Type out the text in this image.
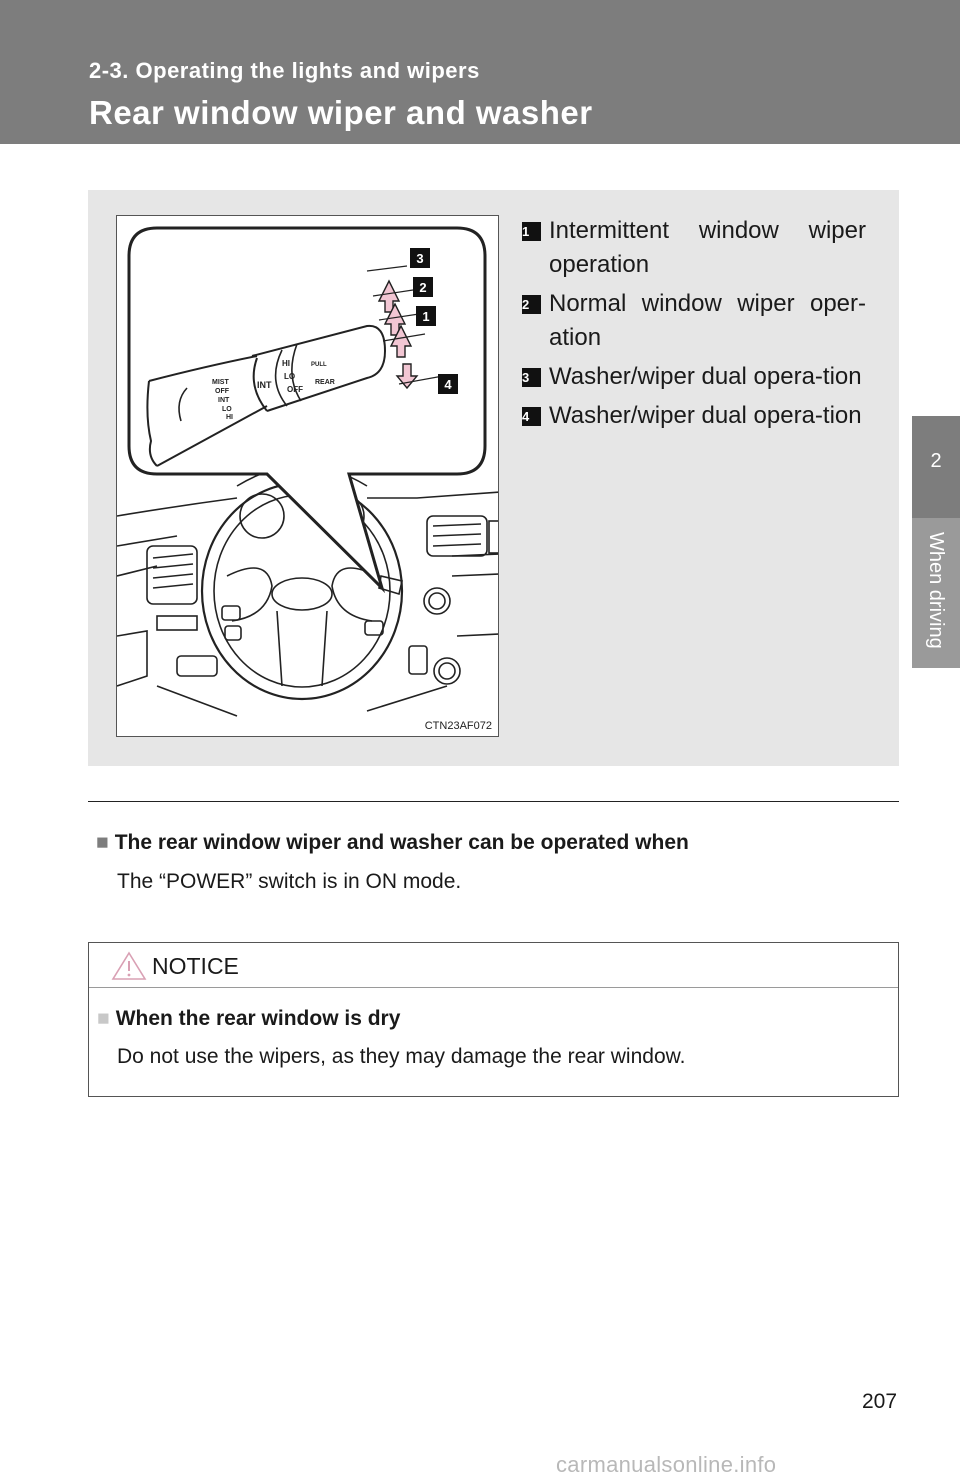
2-3. Operating the lights and wipers
Rear window wiper and washer
2
When driving
MIST
OFF
INT
LO
HI
INT
HI
LO
OFF
REAR
PULL
3
2
1
4
CTN23AF072
1 Intermittent window wiper operation
2 Normal window wiper oper-ation
3 Washer/wiper dual opera-tion
4 Washer/wiper dual opera-tion
■ The rear window wiper and washer can be operated when
The “POWER” switch is in ON mode.
NOTICE
■ When the rear window is dry
Do not use the wipers, as they may damage the rear window.
207
carmanualsonline.info
